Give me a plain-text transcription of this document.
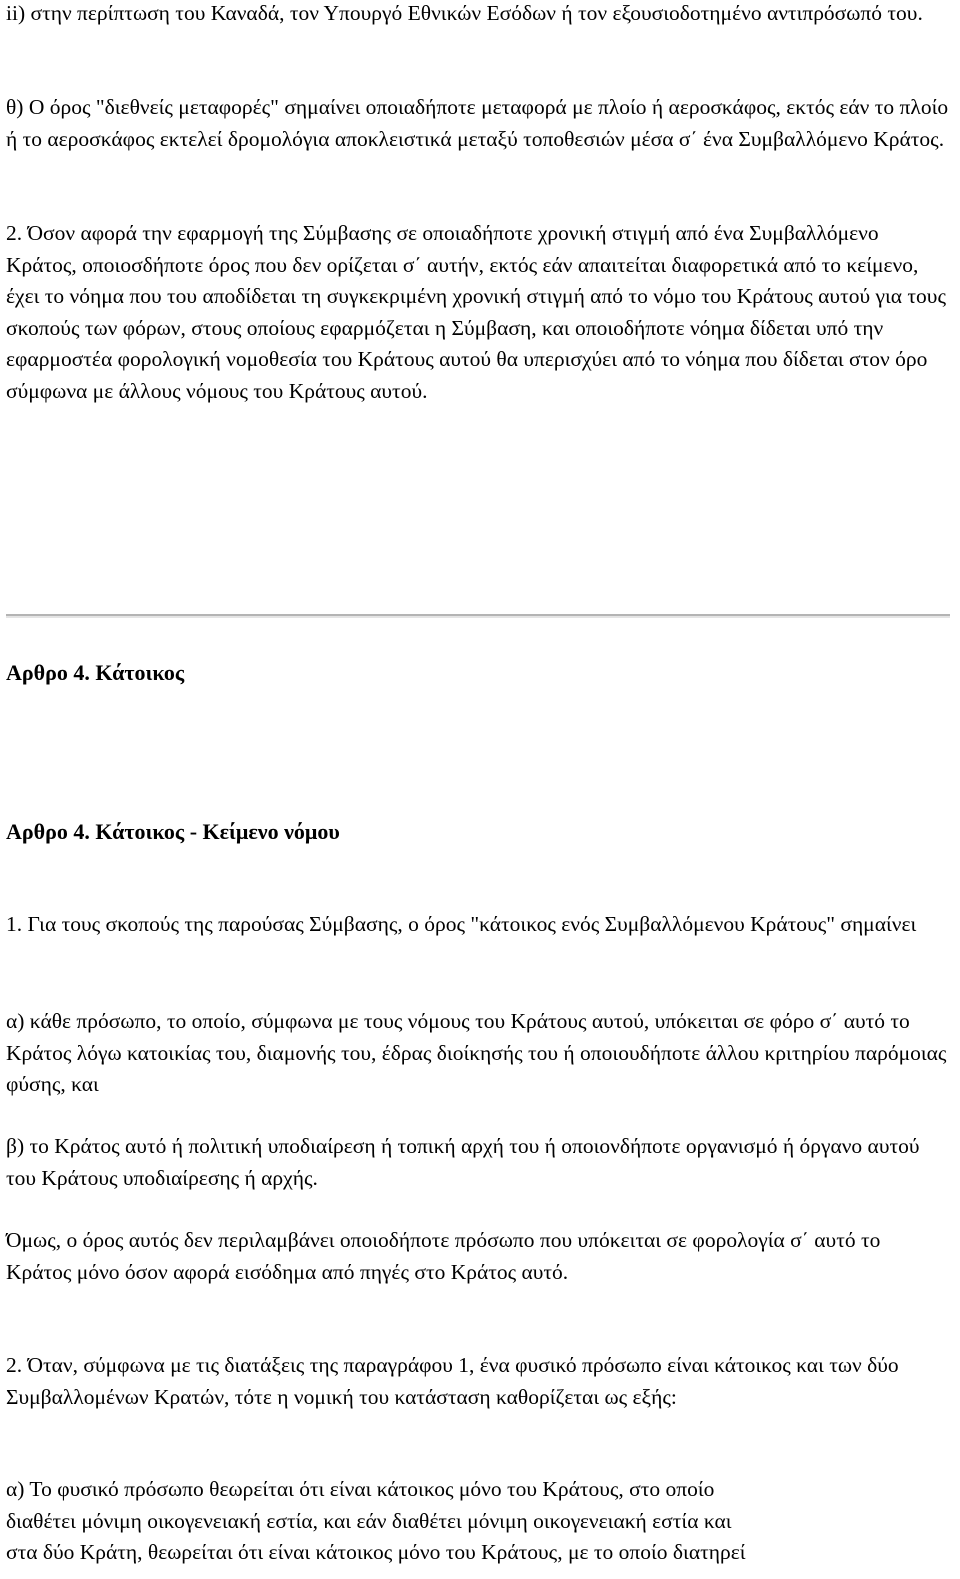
ii) στην περίπτωση του Καναδά, τον Υπουργό Εθνικών Εσόδων ή τον εξουσιοδοτημένο αντιπρόσωπό του.

θ) Ο όρος "διεθνείς μεταφορές" σημαίνει οποιαδήποτε μεταφορά με πλοίο ή αεροσκάφος, εκτός εάν το πλοίο ή το αεροσκάφος εκτελεί δρομολόγια αποκλειστικά μεταξύ τοποθεσιών μέσα σ΄ ένα Συμβαλλόμενο Κράτος.

2. Όσον αφορά την εφαρμογή της Σύμβασης σε οποιαδήποτε χρονική στιγμή από ένα Συμβαλλόμενο Κράτος, οποιοσδήποτε όρος που δεν ορίζεται σ΄ αυτήν, εκτός εάν απαιτείται διαφορετικά από το κείμενο, έχει το νόημα που του αποδίδεται τη συγκεκριμένη χρονική στιγμή από το νόμο του Κράτους αυτού για τους σκοπούς των φόρων, στους οποίους εφαρμόζεται η Σύμβαση, και οποιοδήποτε νόημα δίδεται υπό την εφαρμοστέα φορολογική νομοθεσία του Κράτους αυτού θα υπερισχύει από το νόημα που δίδεται στον όρο σύμφωνα με άλλους νόμους του Κράτους αυτού.

Αρθρο 4. Κάτοικος
Αρθρο 4. Κάτοικος - Κείμενο νόμου

1. Για τους σκοπούς της παρούσας Σύμβασης, ο όρος "κάτοικος ενός Συμβαλλόμενου Κράτους" σημαίνει

α) κάθε πρόσωπο, το οποίο, σύμφωνα με τους νόμους του Κράτους αυτού, υπόκειται σε φόρο σ΄ αυτό το Κράτος λόγω κατοικίας του, διαμονής του, έδρας διοίκησής του ή οποιουδήποτε άλλου κριτηρίου παρόμοιας φύσης, και

β) το Κράτος αυτό ή πολιτική υποδιαίρεση ή τοπική αρχή του ή οποιονδήποτε οργανισμό ή όργανο αυτού του Κράτους υποδιαίρεσης ή αρχής.

Όμως, ο όρος αυτός δεν περιλαμβάνει οποιοδήποτε πρόσωπο που υπόκειται σε φορολογία σ΄ αυτό το Κράτος μόνο όσον αφορά εισόδημα από πηγές στο Κράτος αυτό.

2. Όταν, σύμφωνα με τις διατάξεις της παραγράφου 1, ένα φυσικό πρόσωπο είναι κάτοικος και των δύο Συμβαλλομένων Κρατών, τότε η νομική του κατάσταση καθορίζεται ως εξής:

α) Το φυσικό πρόσωπο θεωρείται ότι είναι κάτοικος μόνο του Κράτους, στο οποίο
διαθέτει μόνιμη οικογενειακή εστία, και εάν διαθέτει μόνιμη οικογενειακή εστία και
στα δύο Κράτη, θεωρείται ότι είναι κάτοικος μόνο του Κράτους, με το οποίο διατηρεί
